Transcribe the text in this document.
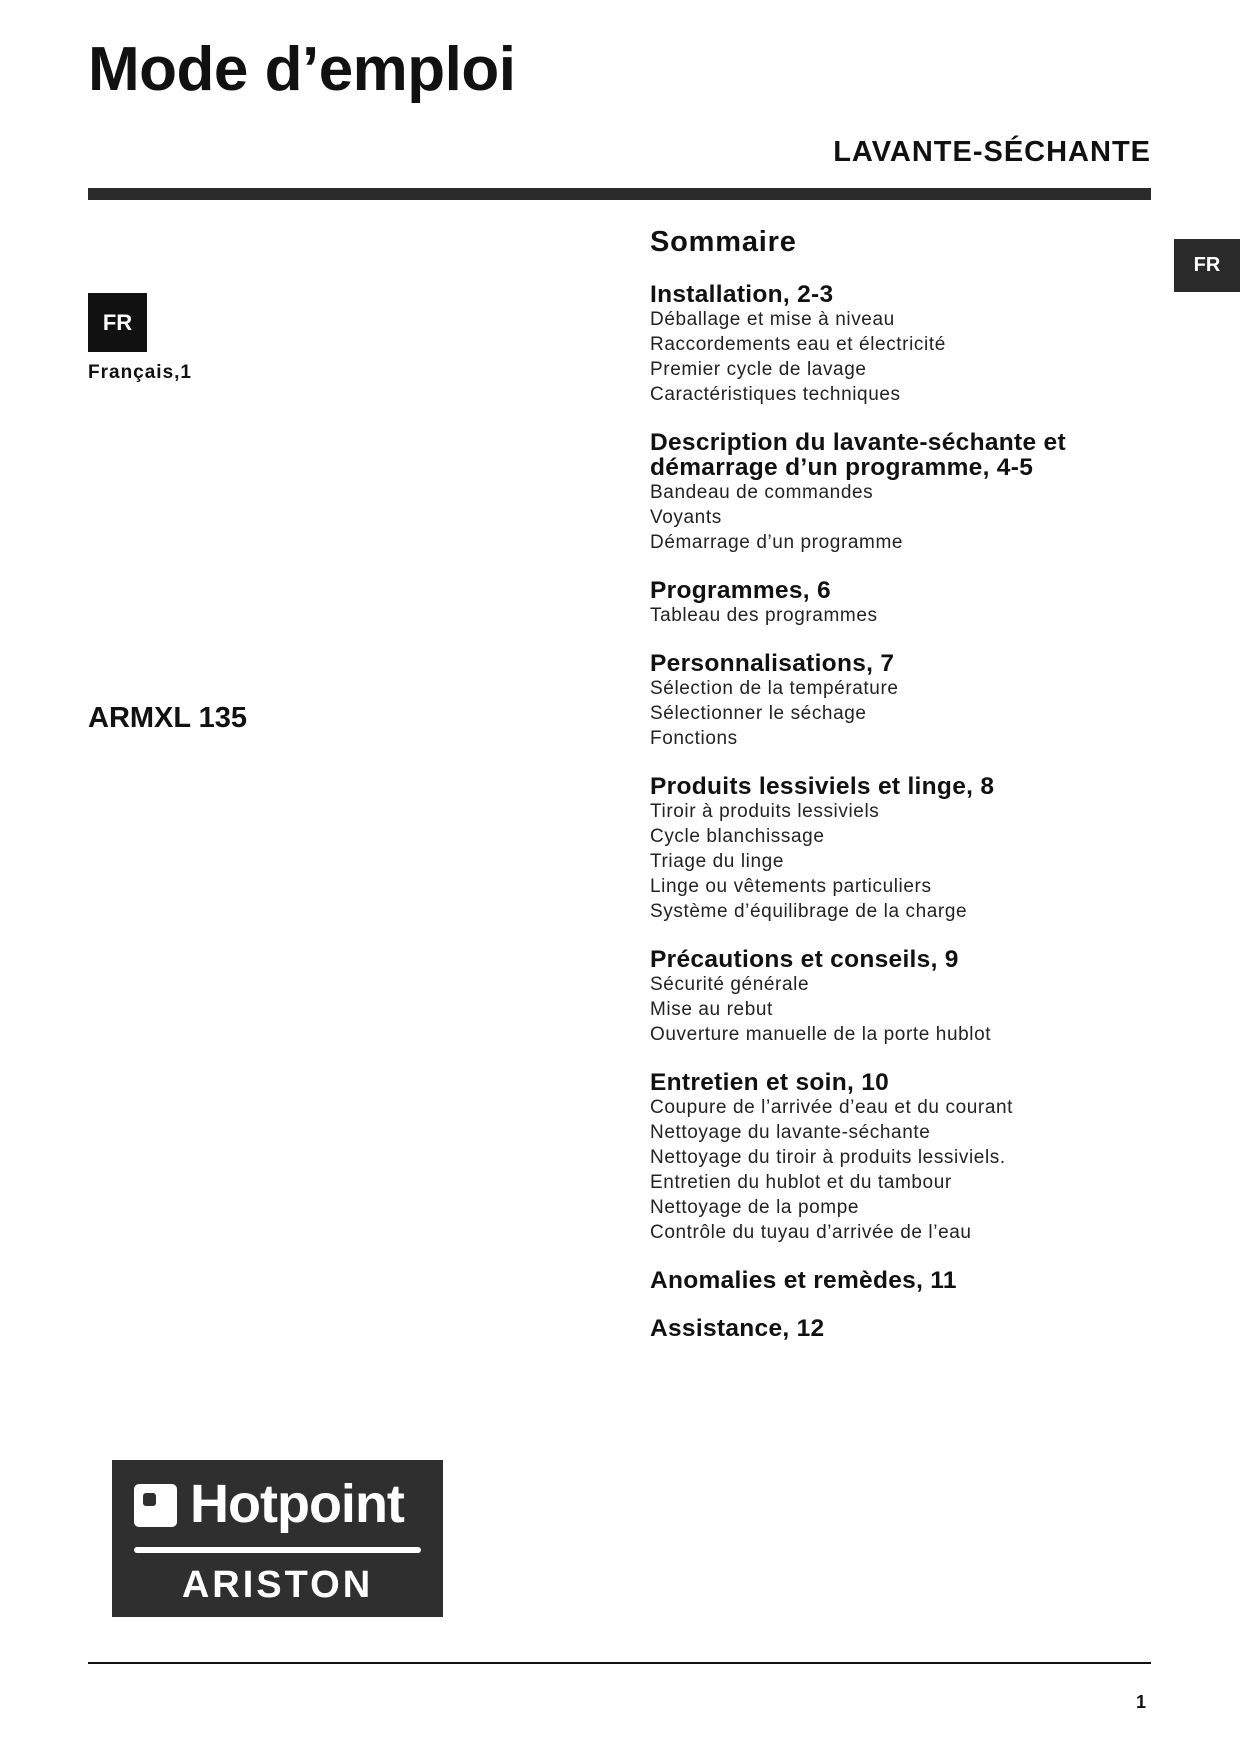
Mode d’emploi
LAVANTE-SÉCHANTE
FR
FR
Français,1
ARMXL 135
Sommaire
Installation, 2-3
Déballage et mise à niveau
Raccordements eau et électricité
Premier cycle de lavage
Caractéristiques techniques
Description du lavante-séchante et démarrage d’un programme, 4-5
Bandeau de commandes
Voyants
Démarrage d’un programme
Programmes, 6
Tableau des programmes
Personnalisations, 7
Sélection de la température
Sélectionner le séchage
Fonctions
Produits lessiviels et linge, 8
Tiroir à produits lessiviels
Cycle blanchissage
Triage du linge
Linge ou vêtements particuliers
Système d’équilibrage de la charge
Précautions et conseils, 9
Sécurité générale
Mise au rebut
Ouverture manuelle de la porte hublot
Entretien et soin, 10
Coupure de l’arrivée d’eau et du courant
Nettoyage du lavante-séchante
Nettoyage du tiroir à produits lessiviels.
Entretien du hublot et du tambour
Nettoyage de la pompe
Contrôle du tuyau d’arrivée de l’eau
Anomalies et remèdes, 11
Assistance, 12
Hotpoint
ARISTON
1
